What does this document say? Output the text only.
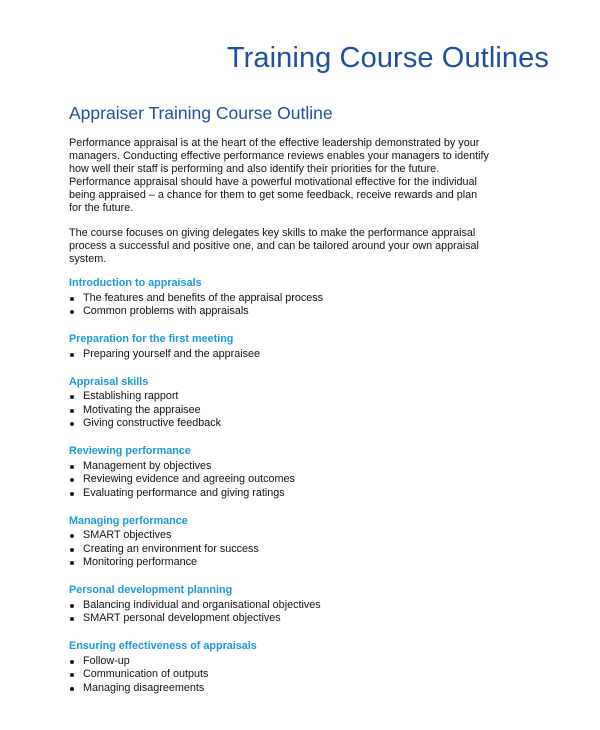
Training Course Outlines
Appraiser Training Course Outline

Performance appraisal is at the heart of the effective leadership demonstrated by your managers. Conducting effective performance reviews enables your managers to identify how well their staff is performing and also identify their priorities for the future. Performance appraisal should have a powerful motivational effective for the individual being appraised – a chance for them to get some feedback, receive rewards and plan for the future.

The course focuses on giving delegates key skills to make the performance appraisal process a successful and positive one, and can be tailored around your own appraisal system.

Introduction to appraisals
The features and benefits of the appraisal process
Common problems with appraisals
Preparation for the first meeting
Preparing yourself and the appraisee
Appraisal skills
Establishing rapport
Motivating the appraisee
Giving constructive feedback
Reviewing performance
Management by objectives
Reviewing evidence and agreeing outcomes
Evaluating performance and giving ratings
Managing performance
SMART objectives
Creating an environment for success
Monitoring performance
Personal development planning
Balancing individual and organisational objectives
SMART personal development objectives
Ensuring effectiveness of appraisals
Follow-up
Communication of outputs
Managing disagreements
